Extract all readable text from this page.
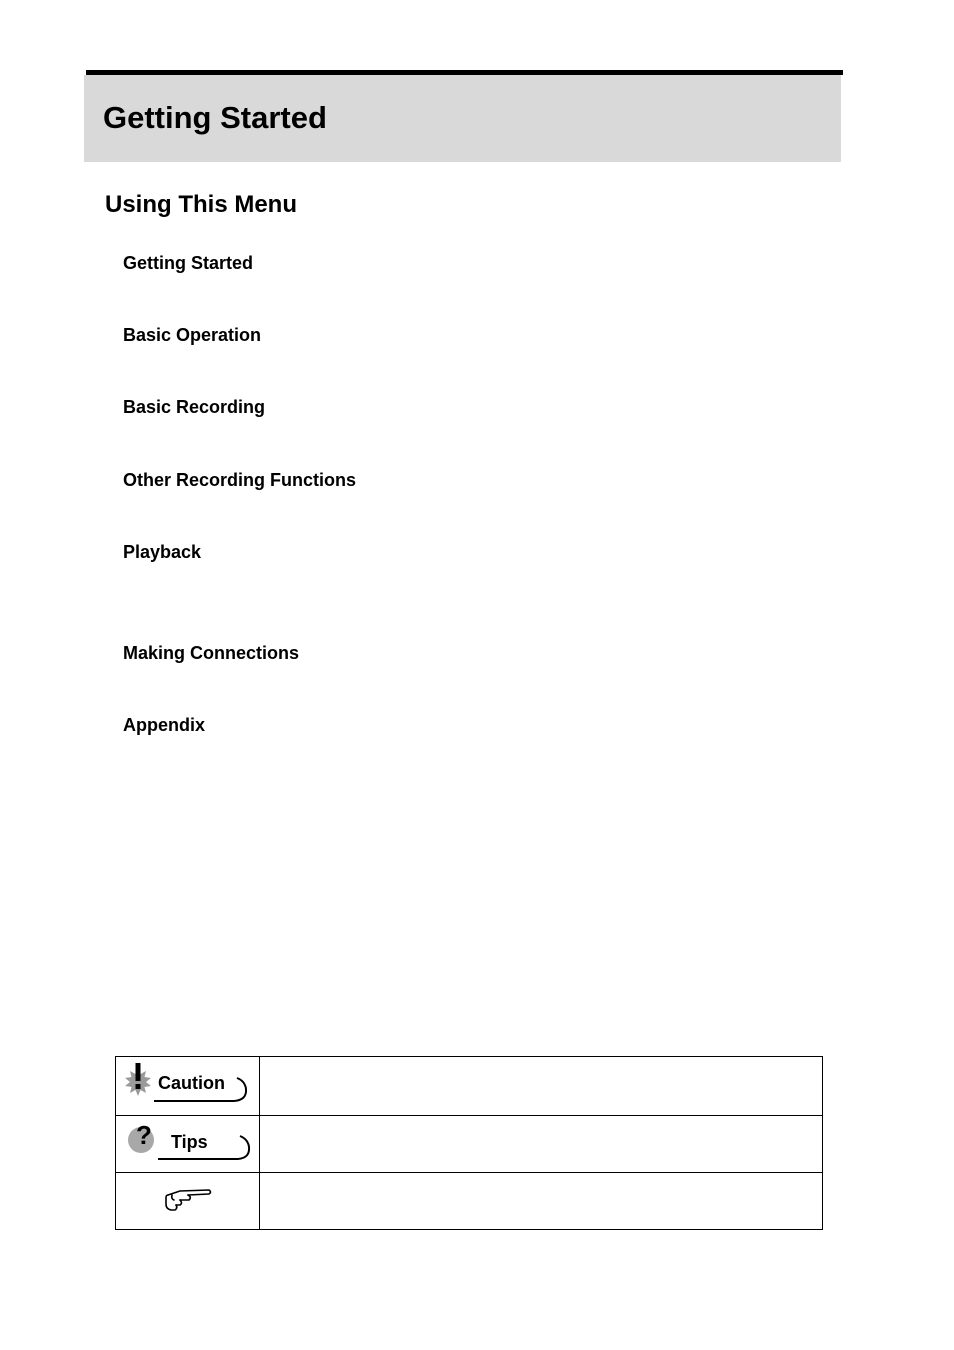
Getting Started
Using This Menu

Getting Started

Basic Operation

Basic Recording

Other Recording Functions

Playback

Making Connections

Appendix

Caution	

? Tips	
